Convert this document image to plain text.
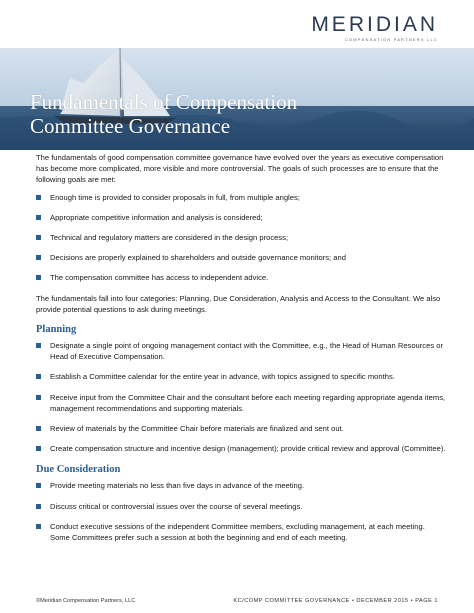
MERIDIAN
COMPENSATION PARTNERS LLC
Fundamentals of Compensation
Committee Governance

The fundamentals of good compensation committee governance have evolved over the years as executive compensation has become more complicated, more visible and more controversial. The goals of such processes are to ensure that the following goals are met:

Enough time is provided to consider proposals in full, from multiple angles;
Appropriate competitive information and analysis is considered;
Technical and regulatory matters are considered in the design process;
Decisions are properly explained to shareholders and outside governance monitors; and
The compensation committee has access to independent advice.

The fundamentals fall into four categories: Planning, Due Consideration, Analysis and Access to the Consultant. We also provide potential questions to ask during meetings.

Planning
Designate a single point of ongoing management contact with the Committee, e.g., the Head of Human Resources or Head of Executive Compensation.
Establish a Committee calendar for the entire year in advance, with topics assigned to specific months.
Receive input from the Committee Chair and the consultant before each meeting regarding appropriate agenda items, management recommendations and supporting materials.
Review of materials by the Committee Chair before materials are finalized and sent out.
Create compensation structure and incentive design (management); provide critical review and approval (Committee).
Due Consideration
Provide meeting materials no less than five days in advance of the meeting.
Discuss critical or controversial issues over the course of several meetings.
Conduct executive sessions of the independent Committee members, excluding management, at each meeting. Some Committees prefer such a session at both the beginning and end of each meeting.
©Meridian Compensation Partners, LLC	KC/COMP COMMITTEE GOVERNANCE • DECEMBER 2015 • PAGE 1
